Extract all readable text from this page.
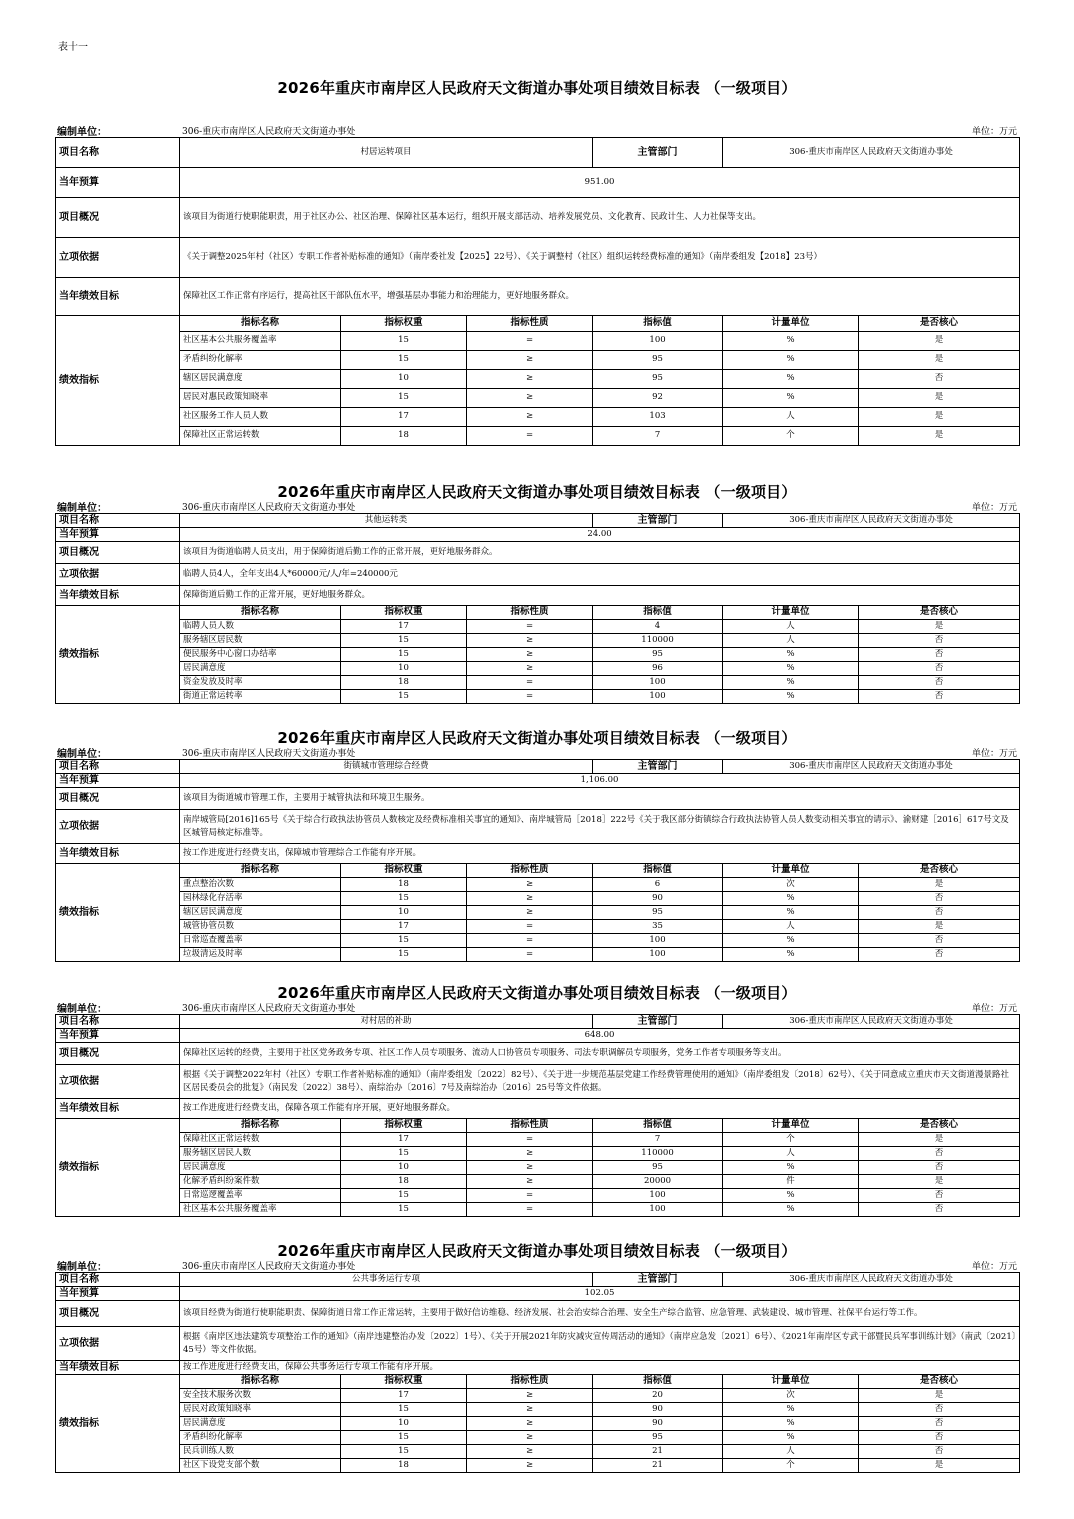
表十一
2026年重庆市南岸区人民政府天文街道办事处项目绩效目标表 （一级项目）
编制单位：	306-重庆市南岸区人民政府天文街道办事处	单位：万元
项目名称	村居运转项目			主管部门	306-重庆市南岸区人民政府天文街道办事处	
当年预算	951.00					
项目概况	该项目为街道行使职能职责，用于社区办公、社区治理、保障社区基本运行，组织开展支部活动、培养发展党员、文化教育、民政计生、人力社保等支出。					
立项依据	《关于调整2025年村（社区）专职工作者补贴标准的通知》（南岸委社发【2025】22号）、《关于调整村（社区）组织运转经费标准的通知》（南岸委组发【2018】23号）					
当年绩效目标	保障社区工作正常有序运行，提高社区干部队伍水平，增强基层办事能力和治理能力，更好地服务群众。					
绩效指标	指标名称	指标权重	指标性质	指标值	计量单位	是否核心
	社区基本公共服务覆盖率	15	=	100	%	是
	矛盾纠纷化解率	15	≥	95	%	是
	辖区居民满意度	10	≥	95	%	否
	居民对惠民政策知晓率	15	≥	92	%	是
	社区服务工作人员人数	17	≥	103	人	是
	保障社区正常运转数	18	=	7	个	是
2026年重庆市南岸区人民政府天文街道办事处项目绩效目标表 （一级项目）
编制单位：	306-重庆市南岸区人民政府天文街道办事处	单位：万元
项目名称	其他运转类			主管部门	306-重庆市南岸区人民政府天文街道办事处	
当年预算	24.00					
项目概况	该项目为街道临聘人员支出，用于保障街道后勤工作的正常开展，更好地服务群众。					
立项依据	临聘人员4人，全年支出4人*60000元/人/年=240000元					
当年绩效目标	保障街道后勤工作的正常开展，更好地服务群众。					
绩效指标	指标名称	指标权重	指标性质	指标值	计量单位	是否核心
	临聘人员人数	17	=	4	人	是
	服务辖区居民数	15	≥	110000	人	否
	便民服务中心窗口办结率	15	≥	95	%	否
	居民满意度	10	≥	96	%	否
	资金发放及时率	18	=	100	%	否
	街道正常运转率	15	=	100	%	否
2026年重庆市南岸区人民政府天文街道办事处项目绩效目标表 （一级项目）
编制单位：	306-重庆市南岸区人民政府天文街道办事处	单位：万元
项目名称	街镇城市管理综合经费			主管部门	306-重庆市南岸区人民政府天文街道办事处	
当年预算	1,106.00					
项目概况	该项目为街道城市管理工作，主要用于城管执法和环境卫生服务。					
立项依据	南岸城管局[2016]165号《关于综合行政执法协管员人数核定及经费标准相关事宜的通知》、南岸城管局［2018］222号《关于我区部分街镇综合行政执法协管人员人数变动相关事宜的请示》、渝财建［2016］617号文及区城管局核定标准等。					
当年绩效目标	按工作进度进行经费支出，保障城市管理综合工作能有序开展。					
绩效指标	指标名称	指标权重	指标性质	指标值	计量单位	是否核心
	重点整治次数	18	≥	6	次	是
	园林绿化存活率	15	≥	90	%	否
	辖区居民满意度	10	≥	95	%	否
	城管协管员数	17	=	35	人	是
	日常巡查覆盖率	15	=	100	%	否
	垃圾清运及时率	15	=	100	%	否
2026年重庆市南岸区人民政府天文街道办事处项目绩效目标表 （一级项目）
编制单位：	306-重庆市南岸区人民政府天文街道办事处	单位：万元
项目名称	对村居的补助			主管部门	306-重庆市南岸区人民政府天文街道办事处	
当年预算	648.00					
项目概况	保障社区运转的经费，主要用于社区党务政务专项、社区工作人员专项服务、流动人口协管员专项服务、司法专职调解员专项服务，党务工作者专项服务等支出。					
立项依据	根据《关于调整2022年村（社区）专职工作者补贴标准的通知》（南岸委组发〔2022〕82号）、《关于进一步规范基层党建工作经费管理使用的通知》（南岸委组发〔2018〕62号）、《关于同意成立重庆市天文街道漫景路社区居民委员会的批复》（南民发〔2022〕38号）、南综治办〔2016〕7号及南综治办〔2016〕25号等文件依据。					
当年绩效目标	按工作进度进行经费支出，保障各项工作能有序开展，更好地服务群众。					
绩效指标	指标名称	指标权重	指标性质	指标值	计量单位	是否核心
	保障社区正常运转数	17	=	7	个	是
	服务辖区居民人数	15	≥	110000	人	否
	居民满意度	10	≥	95	%	否
	化解矛盾纠纷案件数	18	≥	20000	件	是
	日常巡逻覆盖率	15	=	100	%	否
	社区基本公共服务覆盖率	15	=	100	%	否
2026年重庆市南岸区人民政府天文街道办事处项目绩效目标表 （一级项目）
编制单位：	306-重庆市南岸区人民政府天文街道办事处	单位：万元
项目名称	公共事务运行专项			主管部门	306-重庆市南岸区人民政府天文街道办事处	
当年预算	102.05					
项目概况	该项目经费为街道行使职能职责、保障街道日常工作正常运转，主要用于做好信访维稳、经济发展、社会治安综合治理、安全生产综合监管、应急管理、武装建设、城市管理、社保平台运行等工作。					
立项依据	根据《南岸区违法建筑专项整治工作的通知》（南岸违建整治办发〔2022〕1号）、《关于开展2021年防灾减灾宣传周活动的通知》（南岸应急发〔2021〕6号）、《2021年南岸区专武干部暨民兵军事训练计划》（南武〔2021〕45号）等文件依据。					
当年绩效目标	按工作进度进行经费支出，保障公共事务运行专项工作能有序开展。					
绩效指标	指标名称	指标权重	指标性质	指标值	计量单位	是否核心
	安全技术服务次数	17	≥	20	次	是
	居民对政策知晓率	15	≥	90	%	否
	居民满意度	10	≥	90	%	否
	矛盾纠纷化解率	15	≥	95	%	否
	民兵训练人数	15	≥	21	人	否
	社区下设党支部个数	18	≥	21	个	是
